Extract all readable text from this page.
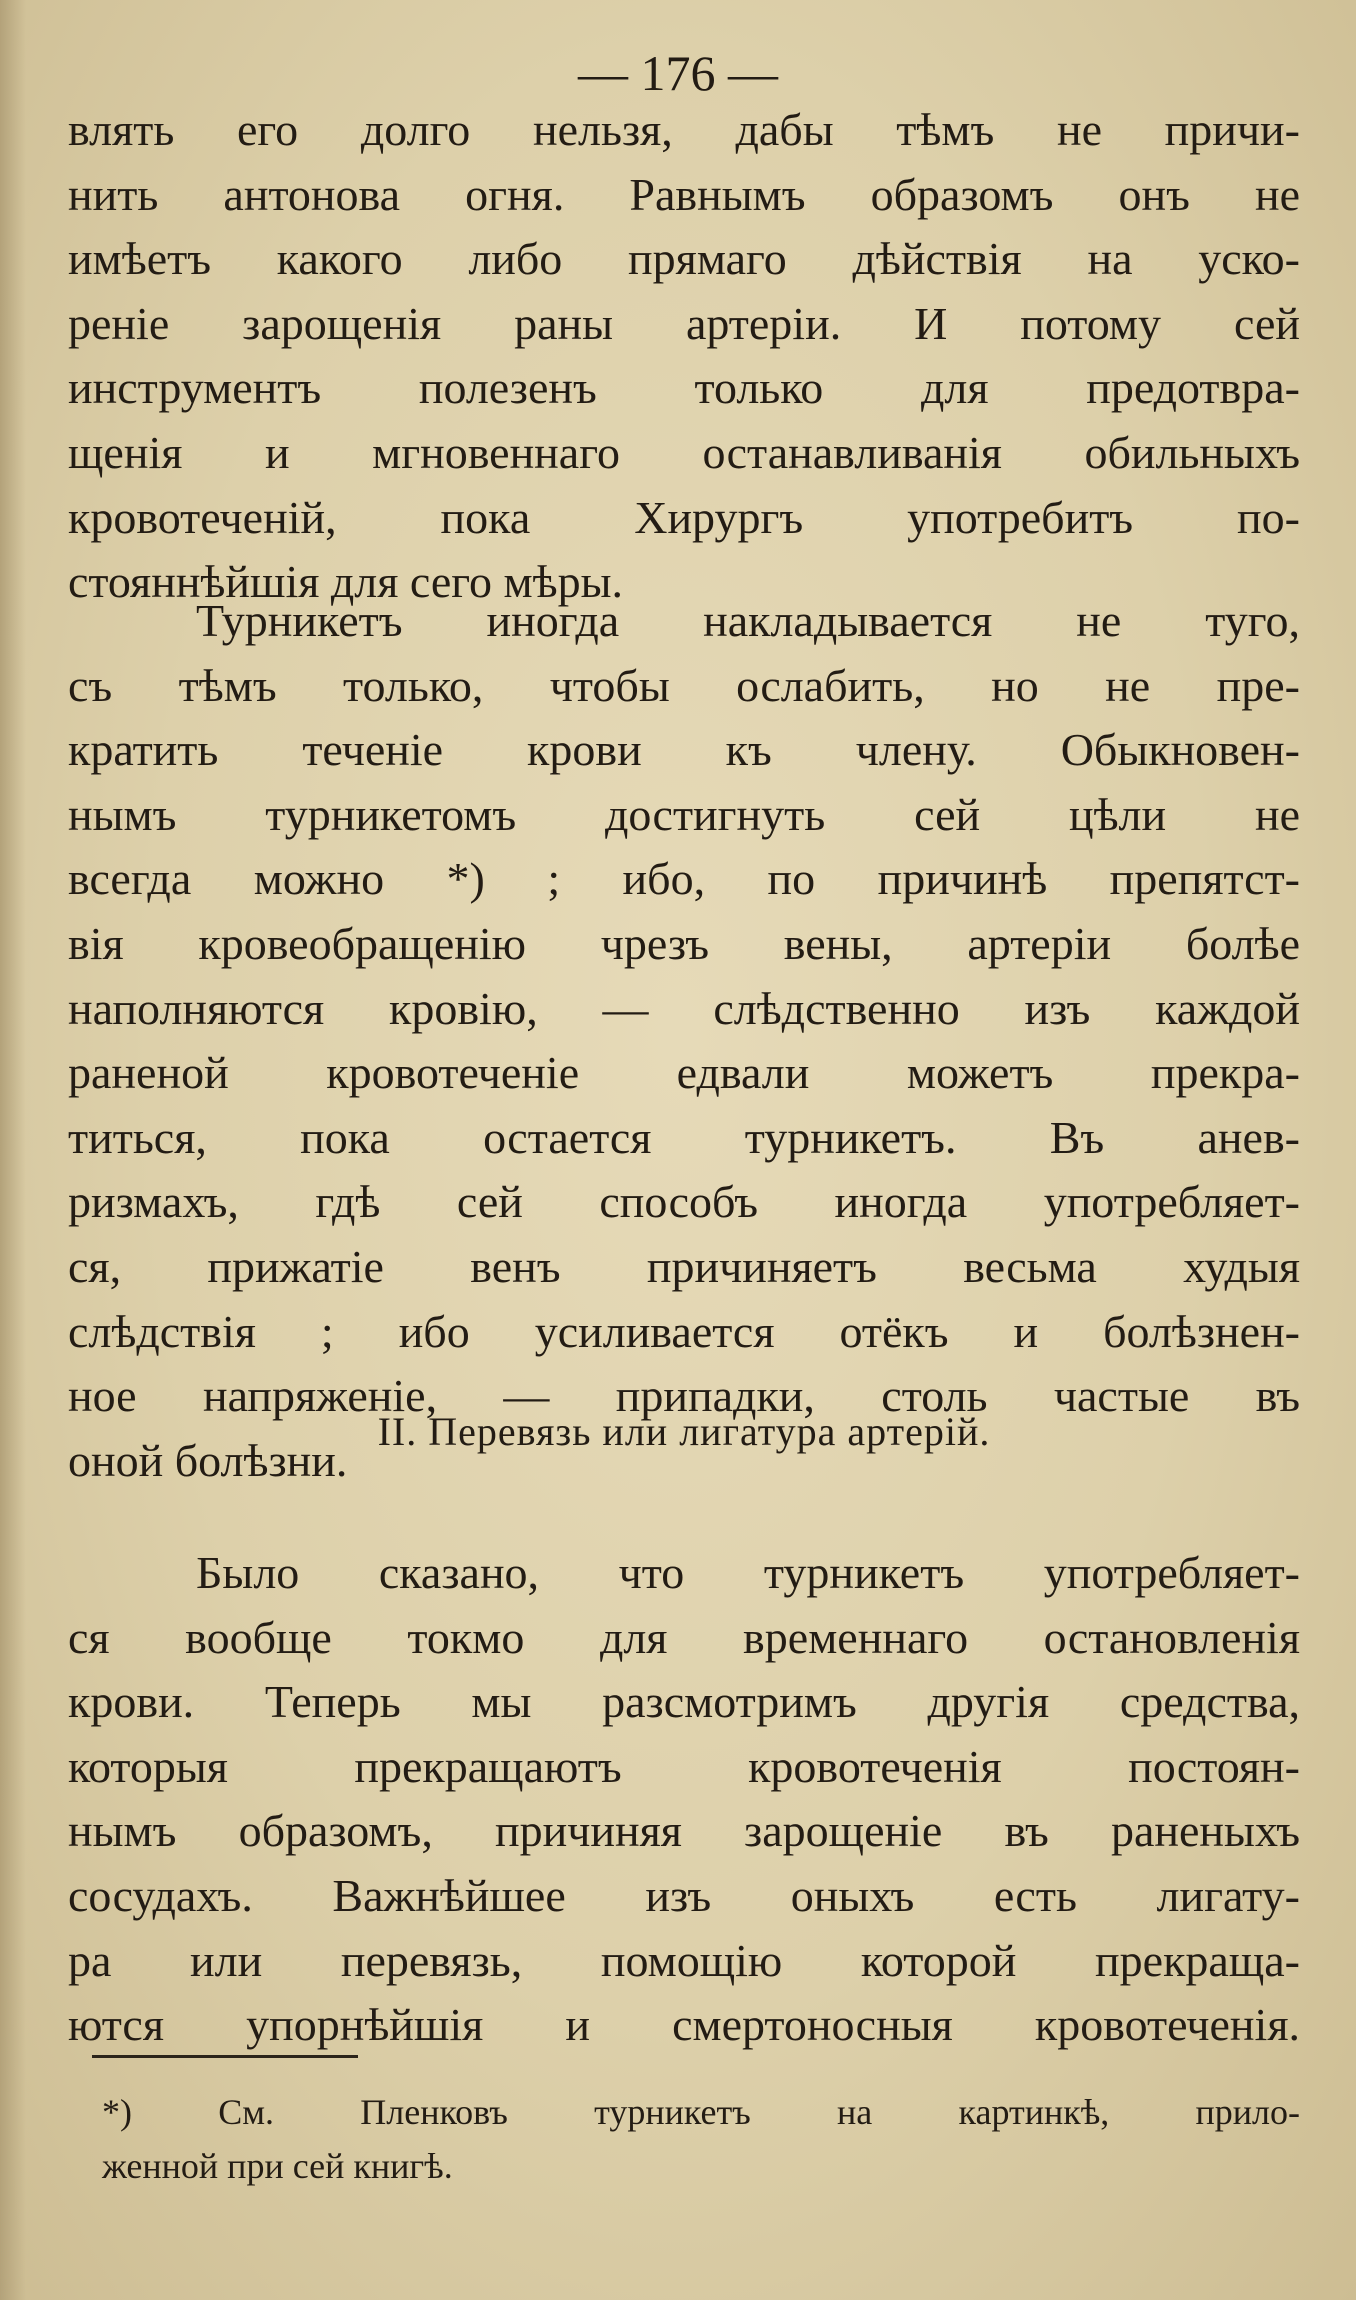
— 176 —
влять его долго нельзя, дабы тѣмъ не причи-
нить антонова огня. Равнымъ образомъ онъ не
имѣетъ какого либо прямаго дѣйствія на уско-
реніе зарощенія раны артеріи. И потому сей
инструментъ полезенъ только для предотвра-
щенія и мгновеннаго останавливанія обильныхъ
кровотеченій, пока Хирургъ употребитъ по-
стояннѣйшія для сего мѣры.
Турникетъ иногда накладывается не туго,
съ тѣмъ только, чтобы ослабить, но не пре-
кратить теченіе крови къ члену. Обыкновен-
нымъ турникетомъ достигнуть сей цѣли не
всегда можно *) ; ибо, по причинѣ препятст-
вія кровеобращенію чрезъ вены, артеріи болѣе
наполняются кровію, — слѣдственно изъ каждой
раненой кровотеченіе едвали можетъ прекра-
титься, пока остается турникетъ. Въ анев-
ризмахъ, гдѣ сей способъ иногда употребляет-
ся, прижатіе венъ причиняетъ весьма худыя
слѣдствія ; ибо усиливается отёкъ и болѣзнен-
ное напряженіе, — припадки, столь частые въ
оной болѣзни.
II. Перевязь или лигатура артерій.
Было сказано, что турникетъ употребляет-
ся вообще токмо для временнаго остановленія
крови. Теперь мы разсмотримъ другія средства,
которыя прекращаютъ кровотеченія постоян-
нымъ образомъ, причиняя зарощеніе въ раненыхъ
сосудахъ. Важнѣйшее изъ оныхъ есть лигату-
ра или перевязь, помощію которой прекраща-
ются упорнѣйшія и смертоносныя кровотеченія.
*) См. Пленковъ турникетъ на картинкѣ, прило-
женной при сей книгѣ.
